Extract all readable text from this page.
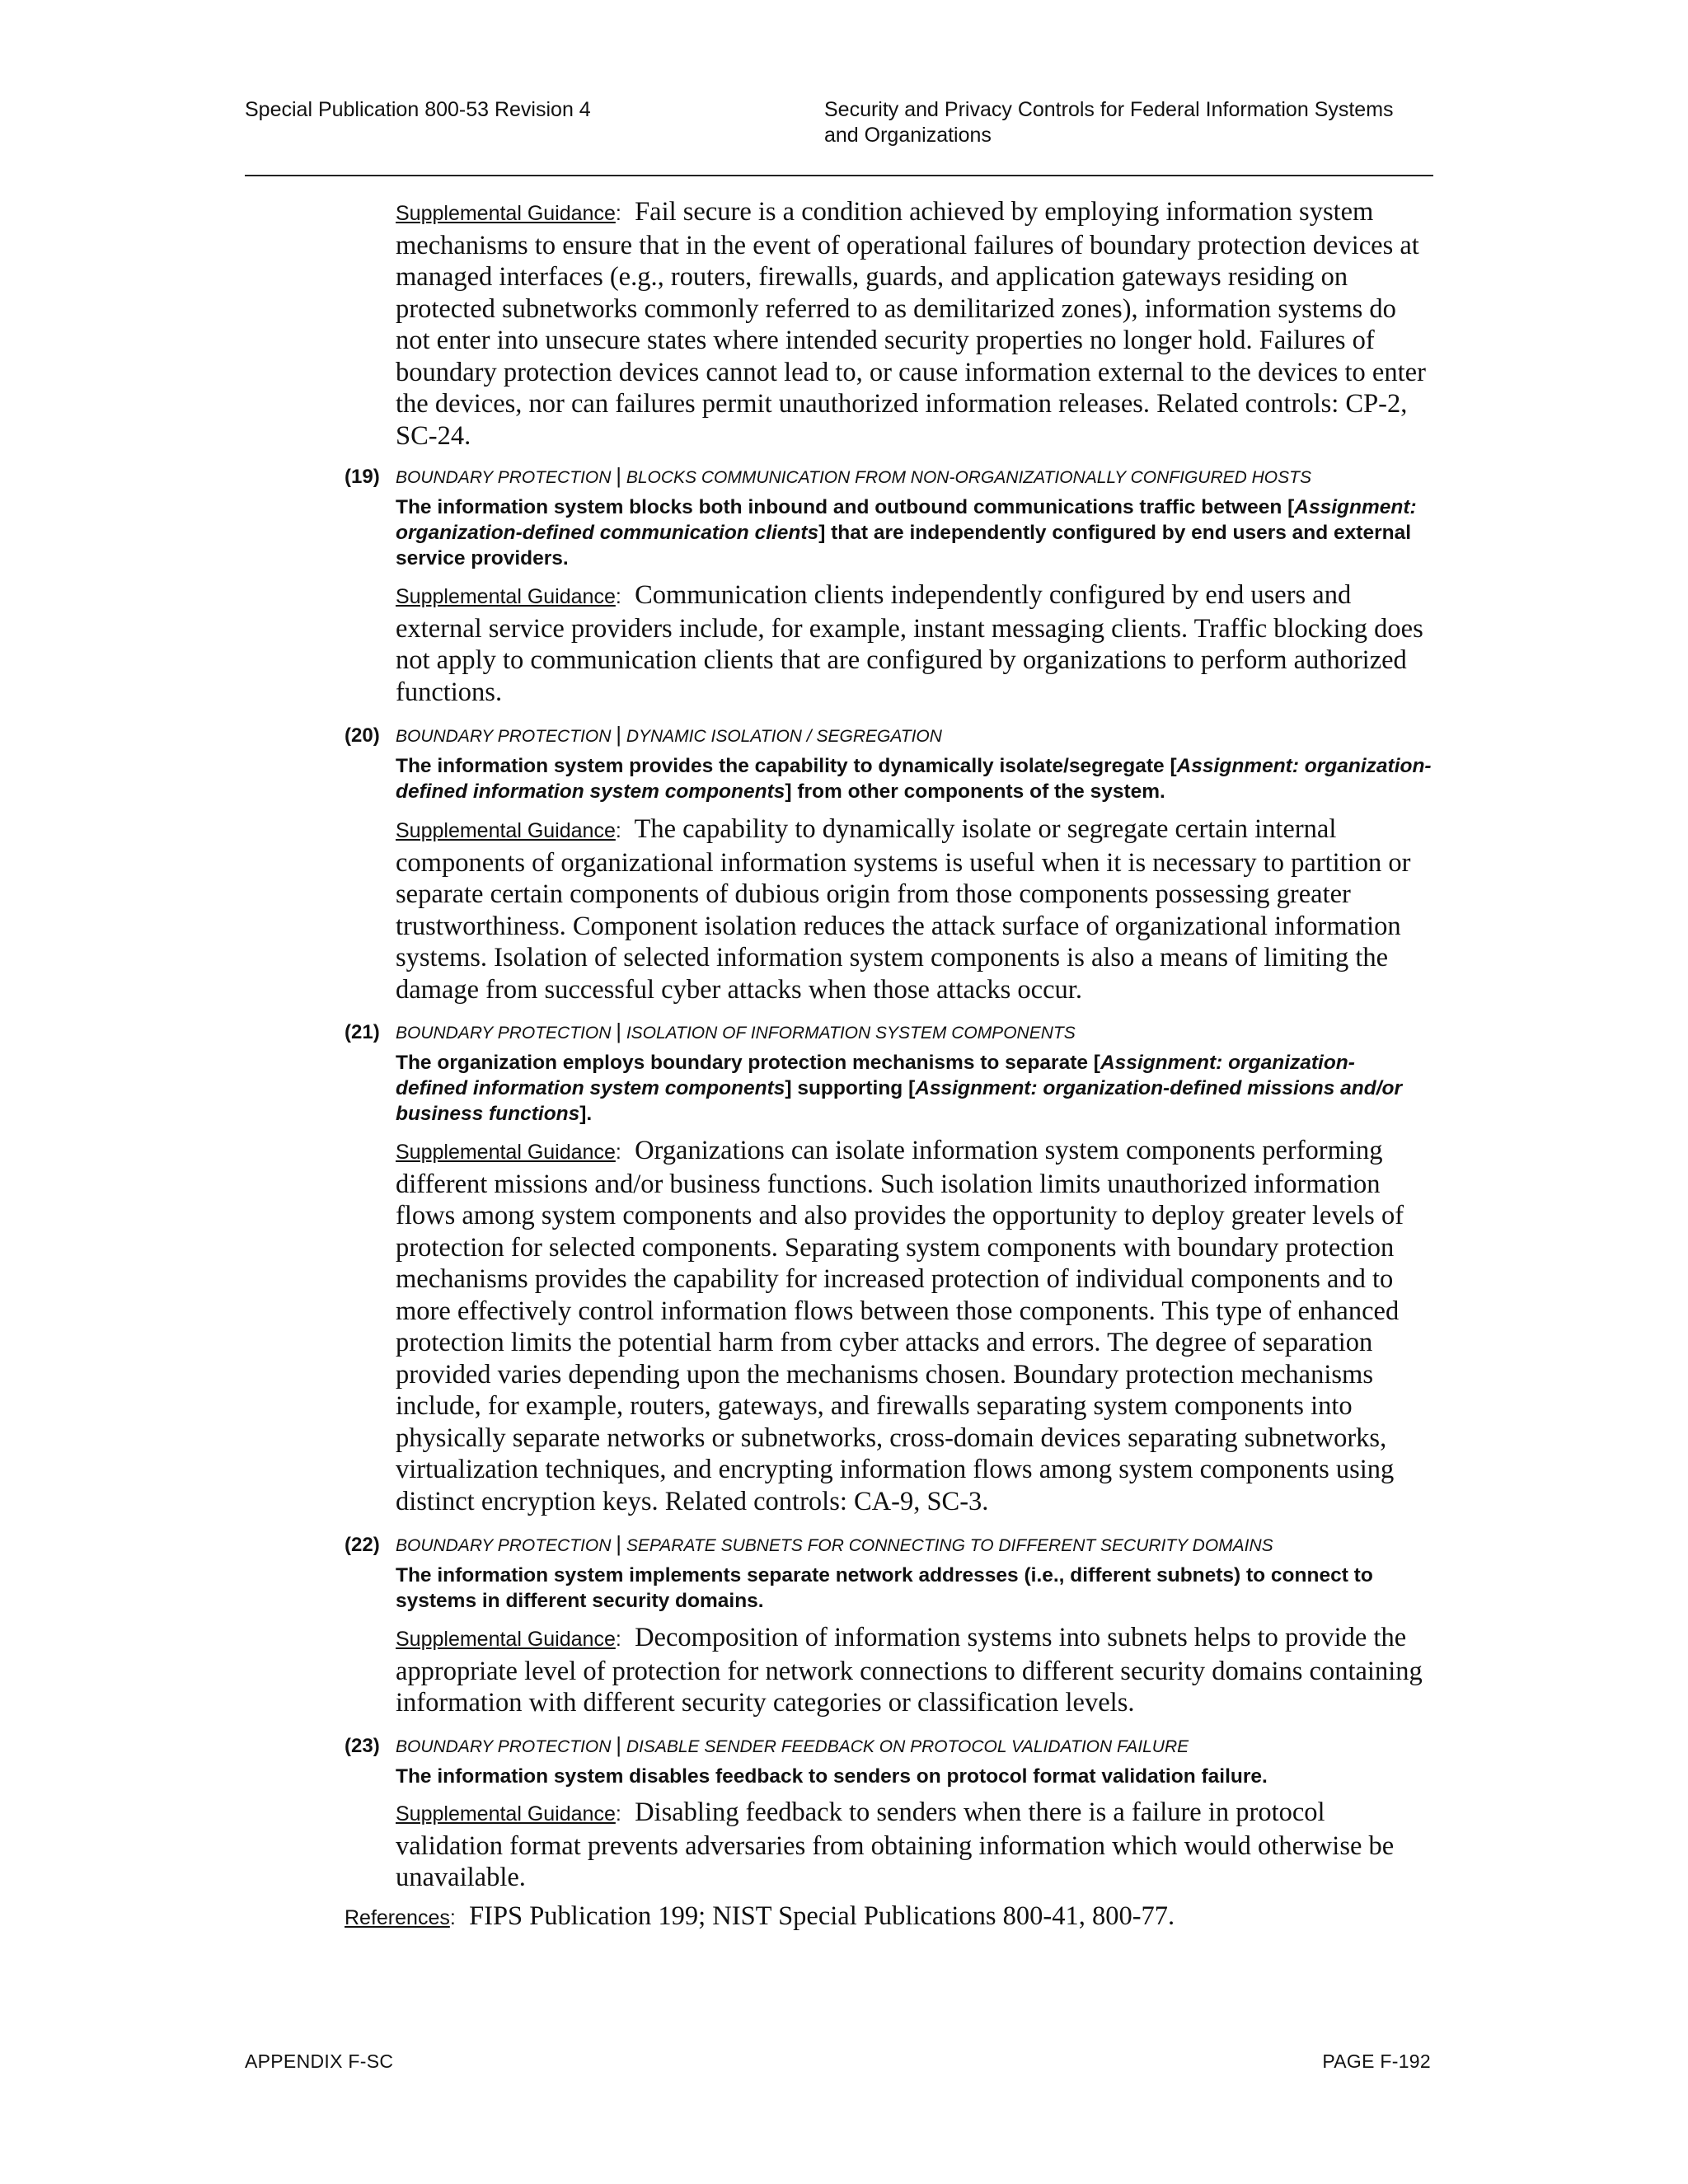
Special Publication 800-53 Revision 4	Security and Privacy Controls for Federal Information Systems
and Organizations
Supplemental Guidance: Fail secure is a condition achieved by employing information system mechanisms to ensure that in the event of operational failures of boundary protection devices at managed interfaces (e.g., routers, firewalls, guards, and application gateways residing on protected subnetworks commonly referred to as demilitarized zones), information systems do not enter into unsecure states where intended security properties no longer hold. Failures of boundary protection devices cannot lead to, or cause information external to the devices to enter the devices, nor can failures permit unauthorized information releases. Related controls: CP-2, SC-24.
(19) BOUNDARY PROTECTION | BLOCKS COMMUNICATION FROM NON-ORGANIZATIONALLY CONFIGURED HOSTS
The information system blocks both inbound and outbound communications traffic between [Assignment: organization-defined communication clients] that are independently configured by end users and external service providers.
Supplemental Guidance: Communication clients independently configured by end users and external service providers include, for example, instant messaging clients. Traffic blocking does not apply to communication clients that are configured by organizations to perform authorized functions.
(20) BOUNDARY PROTECTION | DYNAMIC ISOLATION / SEGREGATION
The information system provides the capability to dynamically isolate/segregate [Assignment: organization-defined information system components] from other components of the system.
Supplemental Guidance: The capability to dynamically isolate or segregate certain internal components of organizational information systems is useful when it is necessary to partition or separate certain components of dubious origin from those components possessing greater trustworthiness. Component isolation reduces the attack surface of organizational information systems. Isolation of selected information system components is also a means of limiting the damage from successful cyber attacks when those attacks occur.
(21) BOUNDARY PROTECTION | ISOLATION OF INFORMATION SYSTEM COMPONENTS
The organization employs boundary protection mechanisms to separate [Assignment: organization-defined information system components] supporting [Assignment: organization-defined missions and/or business functions].
Supplemental Guidance: Organizations can isolate information system components performing different missions and/or business functions. Such isolation limits unauthorized information flows among system components and also provides the opportunity to deploy greater levels of protection for selected components. Separating system components with boundary protection mechanisms provides the capability for increased protection of individual components and to more effectively control information flows between those components. This type of enhanced protection limits the potential harm from cyber attacks and errors. The degree of separation provided varies depending upon the mechanisms chosen. Boundary protection mechanisms include, for example, routers, gateways, and firewalls separating system components into physically separate networks or subnetworks, cross-domain devices separating subnetworks, virtualization techniques, and encrypting information flows among system components using distinct encryption keys. Related controls: CA-9, SC-3.
(22) BOUNDARY PROTECTION | SEPARATE SUBNETS FOR CONNECTING TO DIFFERENT SECURITY DOMAINS
The information system implements separate network addresses (i.e., different subnets) to connect to systems in different security domains.
Supplemental Guidance: Decomposition of information systems into subnets helps to provide the appropriate level of protection for network connections to different security domains containing information with different security categories or classification levels.
(23) BOUNDARY PROTECTION | DISABLE SENDER FEEDBACK ON PROTOCOL VALIDATION FAILURE
The information system disables feedback to senders on protocol format validation failure.
Supplemental Guidance: Disabling feedback to senders when there is a failure in protocol validation format prevents adversaries from obtaining information which would otherwise be unavailable.
References: FIPS Publication 199; NIST Special Publications 800-41, 800-77.
APPENDIX F-SC	PAGE F-192
